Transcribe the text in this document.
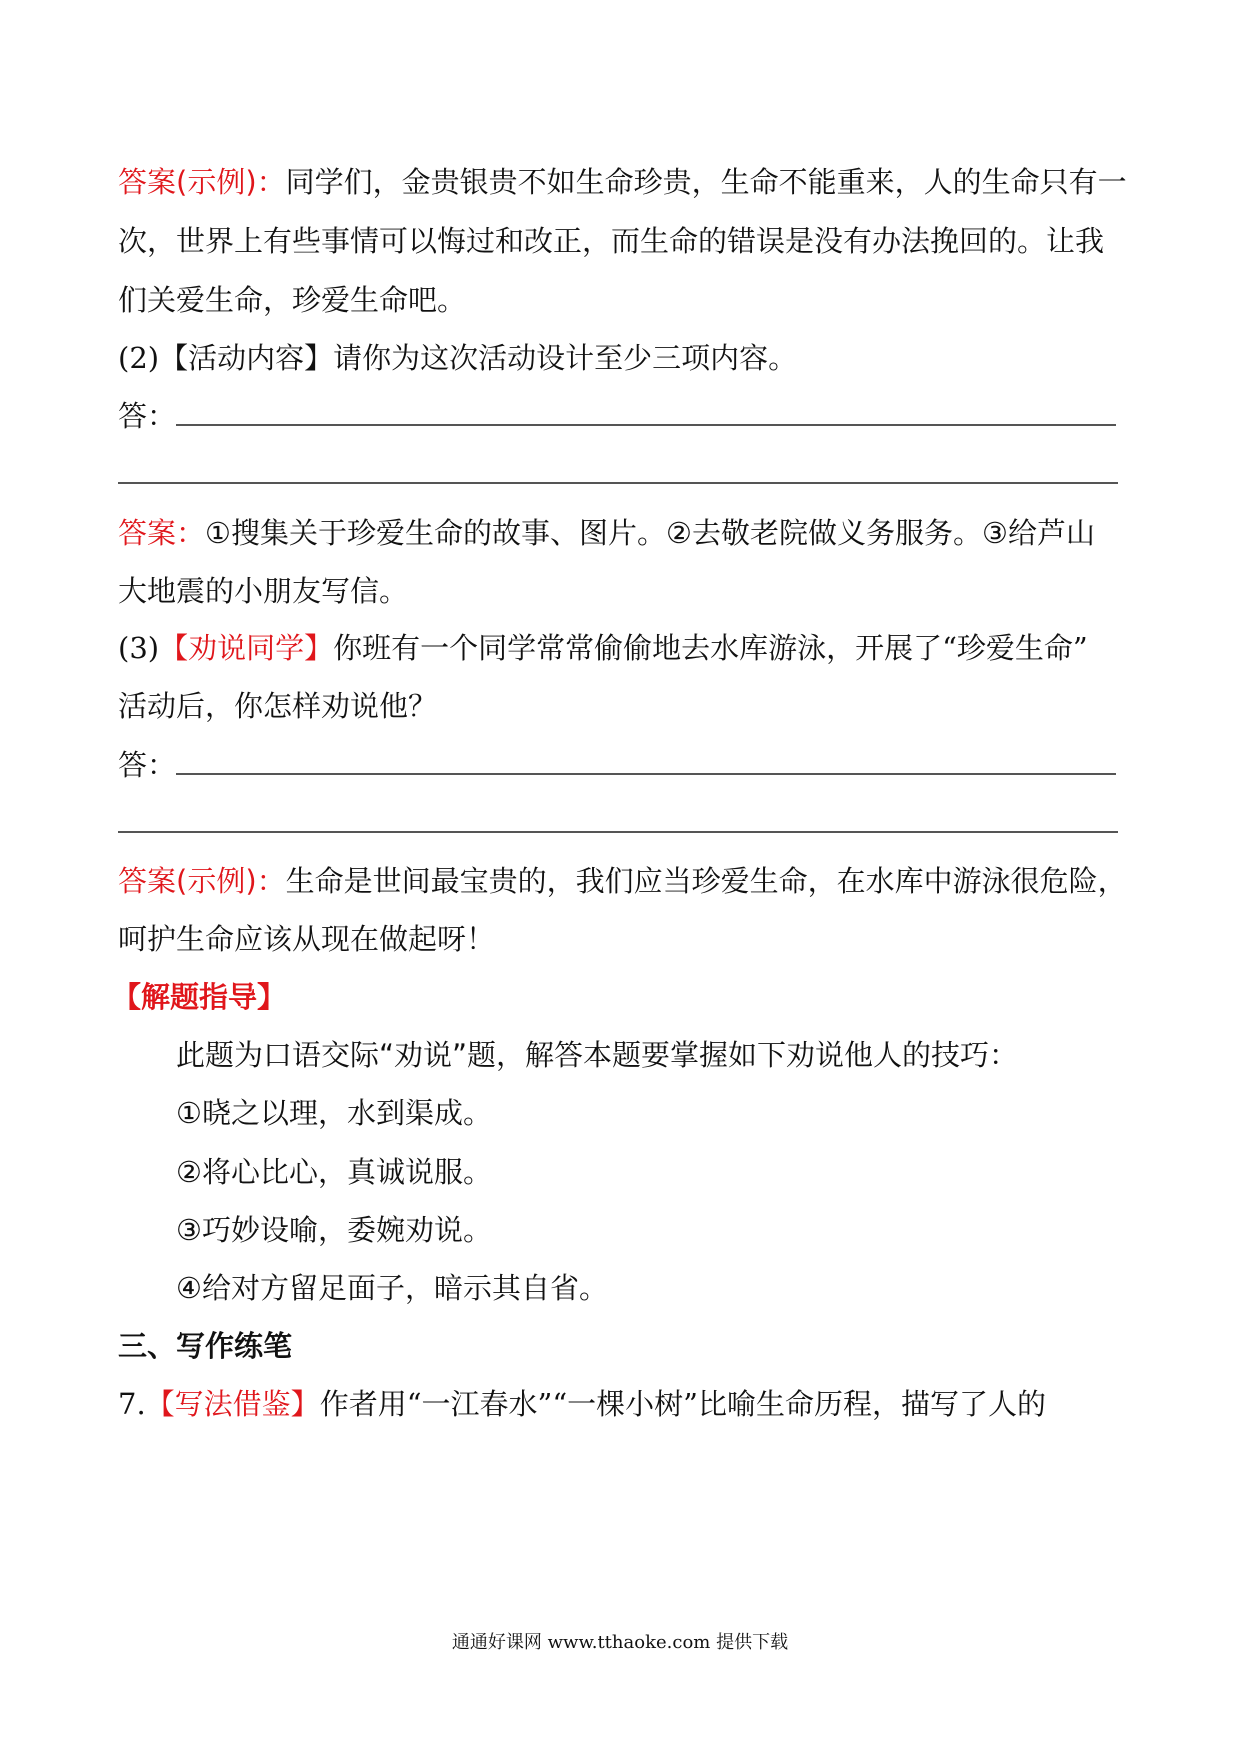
答案(示例)：同学们，金贵银贵不如生命珍贵，生命不能重来，人的生命只有一
次，世界上有些事情可以悔过和改正，而生命的错误是没有办法挽回的。让我
们关爱生命，珍爱生命吧。
(2)【活动内容】请你为这次活动设计至少三项内容。
答：
答案：①搜集关于珍爱生命的故事、图片。②去敬老院做义务服务。③给芦山
大地震的小朋友写信。
(3)【劝说同学】你班有一个同学常常偷偷地去水库游泳，开展了“珍爱生命”
活动后，你怎样劝说他？
答：
答案(示例)：生命是世间最宝贵的，我们应当珍爱生命，在水库中游泳很危险，
呵护生命应该从现在做起呀！
【解题指导】
此题为口语交际“劝说”题，解答本题要掌握如下劝说他人的技巧：
①晓之以理，水到渠成。
②将心比心，真诚说服。
③巧妙设喻，委婉劝说。
④给对方留足面子，暗示其自省。
三、写作练笔
7.【写法借鉴】作者用“一江春水”“一棵小树”比喻生命历程，描写了人的
通通好课网 www.tthaoke.com 提供下载
